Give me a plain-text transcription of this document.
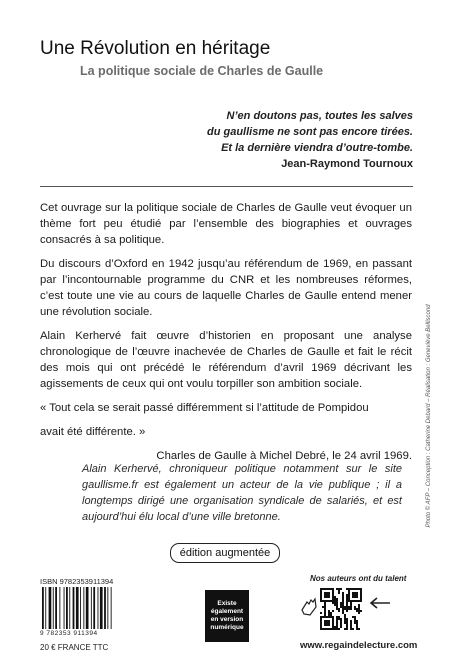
Une Révolution en héritage
La politique sociale de Charles de Gaulle
N’en doutons pas, toutes les salves
du gaullisme ne sont pas encore tirées.
Et la dernière viendra d’outre-tombe.
Jean-Raymond Tournoux

Cet ouvrage sur la politique sociale de Charles de Gaulle veut évoquer un thème fort peu étudié par l’ensemble des biographies et ouvrages consacrés à sa politique.

Du discours d’Oxford en 1942 jusqu’au référendum de 1969, en passant par l’incontournable programme du CNR et les nombreuses réformes, c’est toute une vie au cours de laquelle Charles de Gaulle entend mener une révolution sociale.

Alain Kerhervé fait œuvre d’historien en proposant une analyse chronologique de l’œuvre inachevée de Charles de Gaulle et fait le récit des mois qui ont précédé le référendum d’avril 1969 décrivant les agissements de ceux qui ont voulu torpiller son ambition sociale.

« Tout cela se serait passé différemment si l’attitude de Pompidou

avait été différente. »

Charles de Gaulle à Michel Debré, le 24 avril 1969.

Alain Kerhervé, chroniqueur politique notamment sur le site gaullisme.fr est également un acteur de la vie publique ; il a longtemps dirigé une organisation syndicale de salariés, et est aujourd’hui élu local d’une ville bretonne.
édition augmentée
Photo © AFP – Conception : Catherine Debard – Réalisation : Geneviève Belliscond
ISBN 9782353911394
9 782353 911394
20 € FRANCE TTC
Existe
également
en version
numérique
Nos auteurs ont du talent
www.regaindelecture.com
